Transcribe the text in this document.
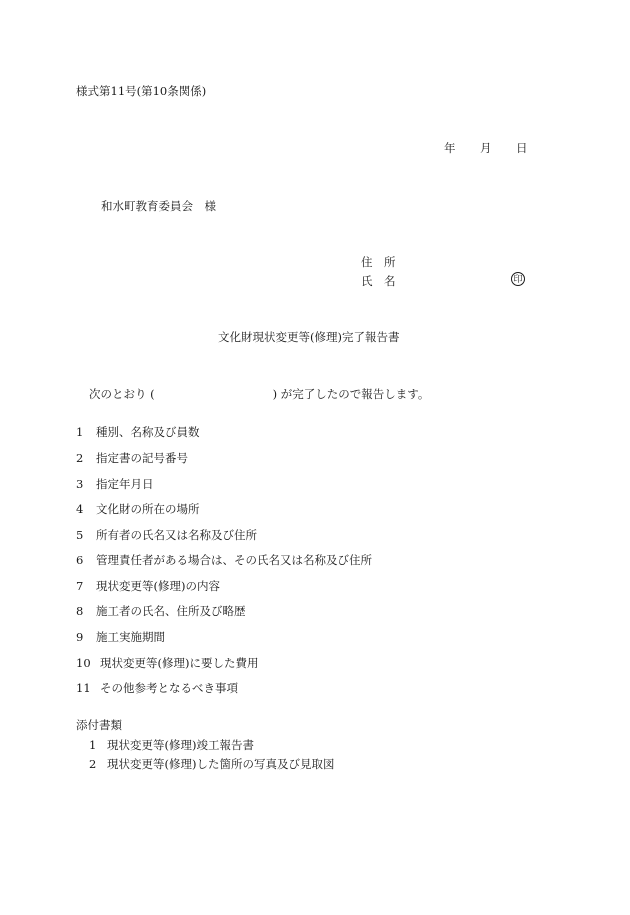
様式第11号(第10条関係)
年 月 日
和水町教育委員会　様
住　所
氏　名	印
文化財現状変更等(修理)完了報告書
次のとおり (	) が完了したので報告します。
1 種別、名称及び員数
2 指定書の記号番号
3 指定年月日
4 文化財の所在の場所
5 所有者の氏名又は名称及び住所
6 管理責任者がある場合は、その氏名又は名称及び住所
7 現状変更等(修理)の内容
8 施工者の氏名、住所及び略歴
9 施工実施期間
10 現状変更等(修理)に要した費用
11 その他参考となるべき事項
添付書類
1 現状変更等(修理)竣工報告書
2 現状変更等(修理)した箇所の写真及び見取図
